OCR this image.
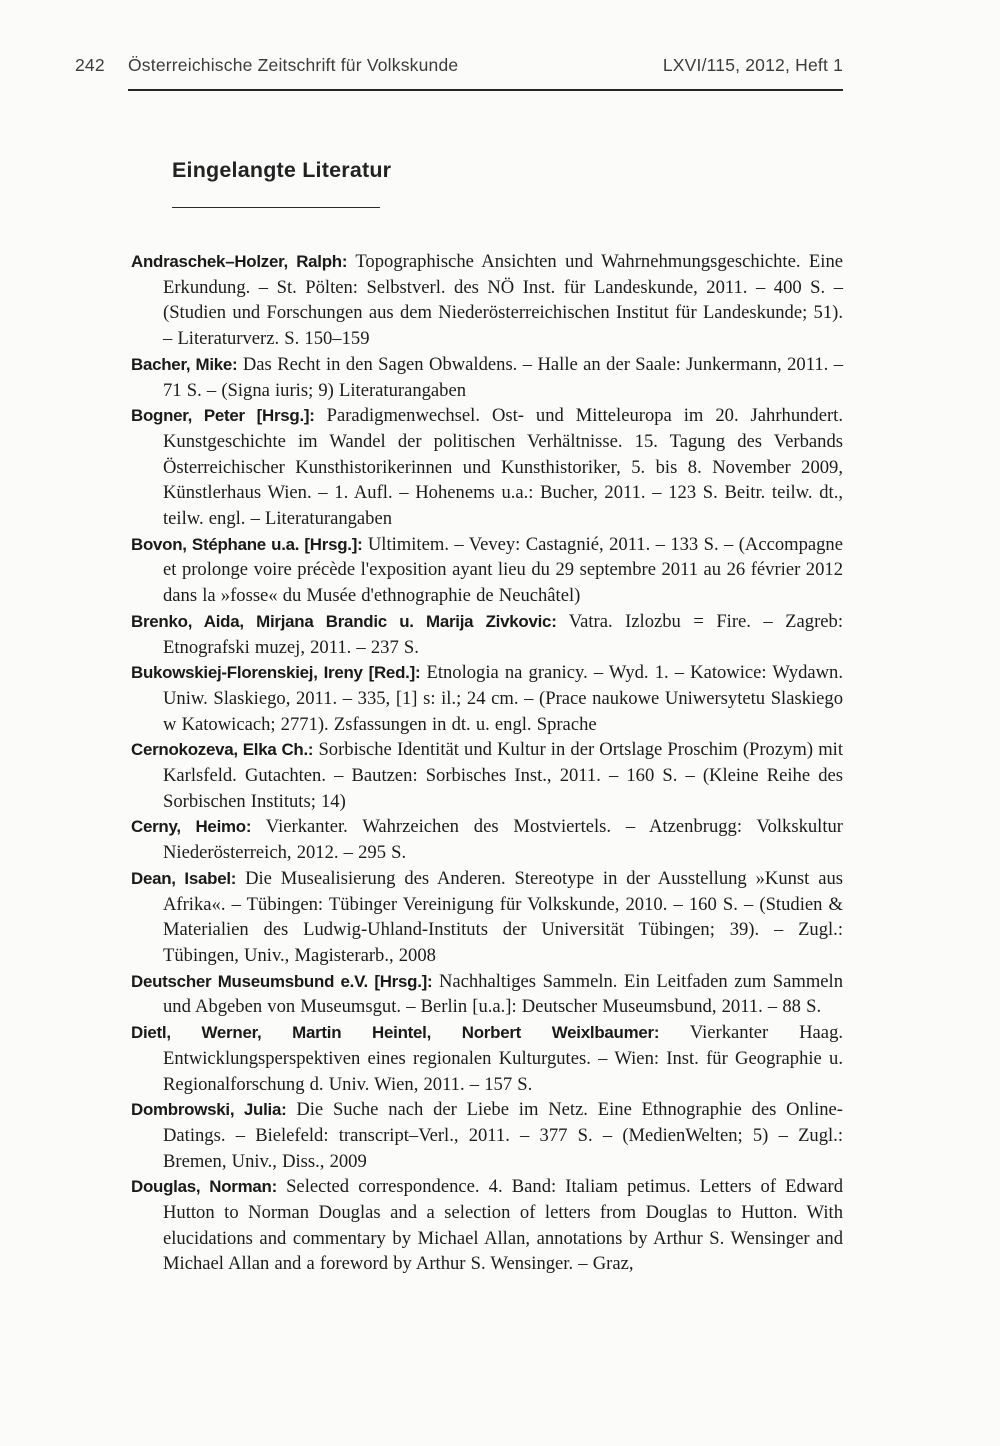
242	Österreichische Zeitschrift für Volkskunde	LXVI/115, 2012, Heft 1
Eingelangte Literatur

Andraschek–Holzer, Ralph: Topographische Ansichten und Wahrnehmungsgeschichte. Eine Erkundung. – St. Pölten: Selbstverl. des NÖ Inst. für Landeskunde, 2011. – 400 S. – (Studien und Forschungen aus dem Niederösterreichischen Institut für Landeskunde; 51). – Literaturverz. S. 150–159

Bacher, Mike: Das Recht in den Sagen Obwaldens. – Halle an der Saale: Junkermann, 2011. – 71 S. – (Signa iuris; 9) Literaturangaben

Bogner, Peter [Hrsg.]: Paradigmenwechsel. Ost- und Mitteleuropa im 20. Jahrhundert. Kunstgeschichte im Wandel der politischen Verhältnisse. 15. Tagung des Verbands Österreichischer Kunsthistorikerinnen und Kunsthistoriker, 5. bis 8. November 2009, Künstlerhaus Wien. – 1. Aufl. – Hohenems u.a.: Bucher, 2011. – 123 S. Beitr. teilw. dt., teilw. engl. – Literaturangaben

Bovon, Stéphane u.a. [Hrsg.]: Ultimitem. – Vevey: Castagnié, 2011. – 133 S. – (Accompagne et prolonge voire précède l'exposition ayant lieu du 29 septembre 2011 au 26 février 2012 dans la »fosse« du Musée d'ethnographie de Neuchâtel)

Brenko, Aida, Mirjana Brandic u. Marija Zivkovic: Vatra. Izlozbu = Fire. – Zagreb: Etnografski muzej, 2011. – 237 S.

Bukowskiej-Florenskiej, Ireny [Red.]: Etnologia na granicy. – Wyd. 1. – Katowice: Wydawn. Uniw. Slaskiego, 2011. – 335, [1] s: il.; 24 cm. – (Prace naukowe Uniwersytetu Slaskiego w Katowicach; 2771). Zsfassungen in dt. u. engl. Sprache

Cernokozeva, Elka Ch.: Sorbische Identität und Kultur in der Ortslage Proschim (Prozym) mit Karlsfeld. Gutachten. – Bautzen: Sorbisches Inst., 2011. – 160 S. – (Kleine Reihe des Sorbischen Instituts; 14)

Cerny, Heimo: Vierkanter. Wahrzeichen des Mostviertels. – Atzenbrugg: Volkskultur Niederösterreich, 2012. – 295 S.

Dean, Isabel: Die Musealisierung des Anderen. Stereotype in der Ausstellung »Kunst aus Afrika«. – Tübingen: Tübinger Vereinigung für Volkskunde, 2010. – 160 S. – (Studien & Materialien des Ludwig-Uhland-Instituts der Universität Tübingen; 39). – Zugl.: Tübingen, Univ., Magisterarb., 2008

Deutscher Museumsbund e.V. [Hrsg.]: Nachhaltiges Sammeln. Ein Leitfaden zum Sammeln und Abgeben von Museumsgut. – Berlin [u.a.]: Deutscher Museumsbund, 2011. – 88 S.

Dietl, Werner, Martin Heintel, Norbert Weixlbaumer: Vierkanter Haag. Entwicklungsperspektiven eines regionalen Kulturgutes. – Wien: Inst. für Geographie u. Regionalforschung d. Univ. Wien, 2011. – 157 S.

Dombrowski, Julia: Die Suche nach der Liebe im Netz. Eine Ethnographie des Online-Datings. – Bielefeld: transcript–Verl., 2011. – 377 S. – (MedienWelten; 5) – Zugl.: Bremen, Univ., Diss., 2009

Douglas, Norman: Selected correspondence. 4. Band: Italiam petimus. Letters of Edward Hutton to Norman Douglas and a selection of letters from Douglas to Hutton. With elucidations and commentary by Michael Allan, annotations by Arthur S. Wensinger and Michael Allan and a foreword by Arthur S. Wensinger. – Graz,
